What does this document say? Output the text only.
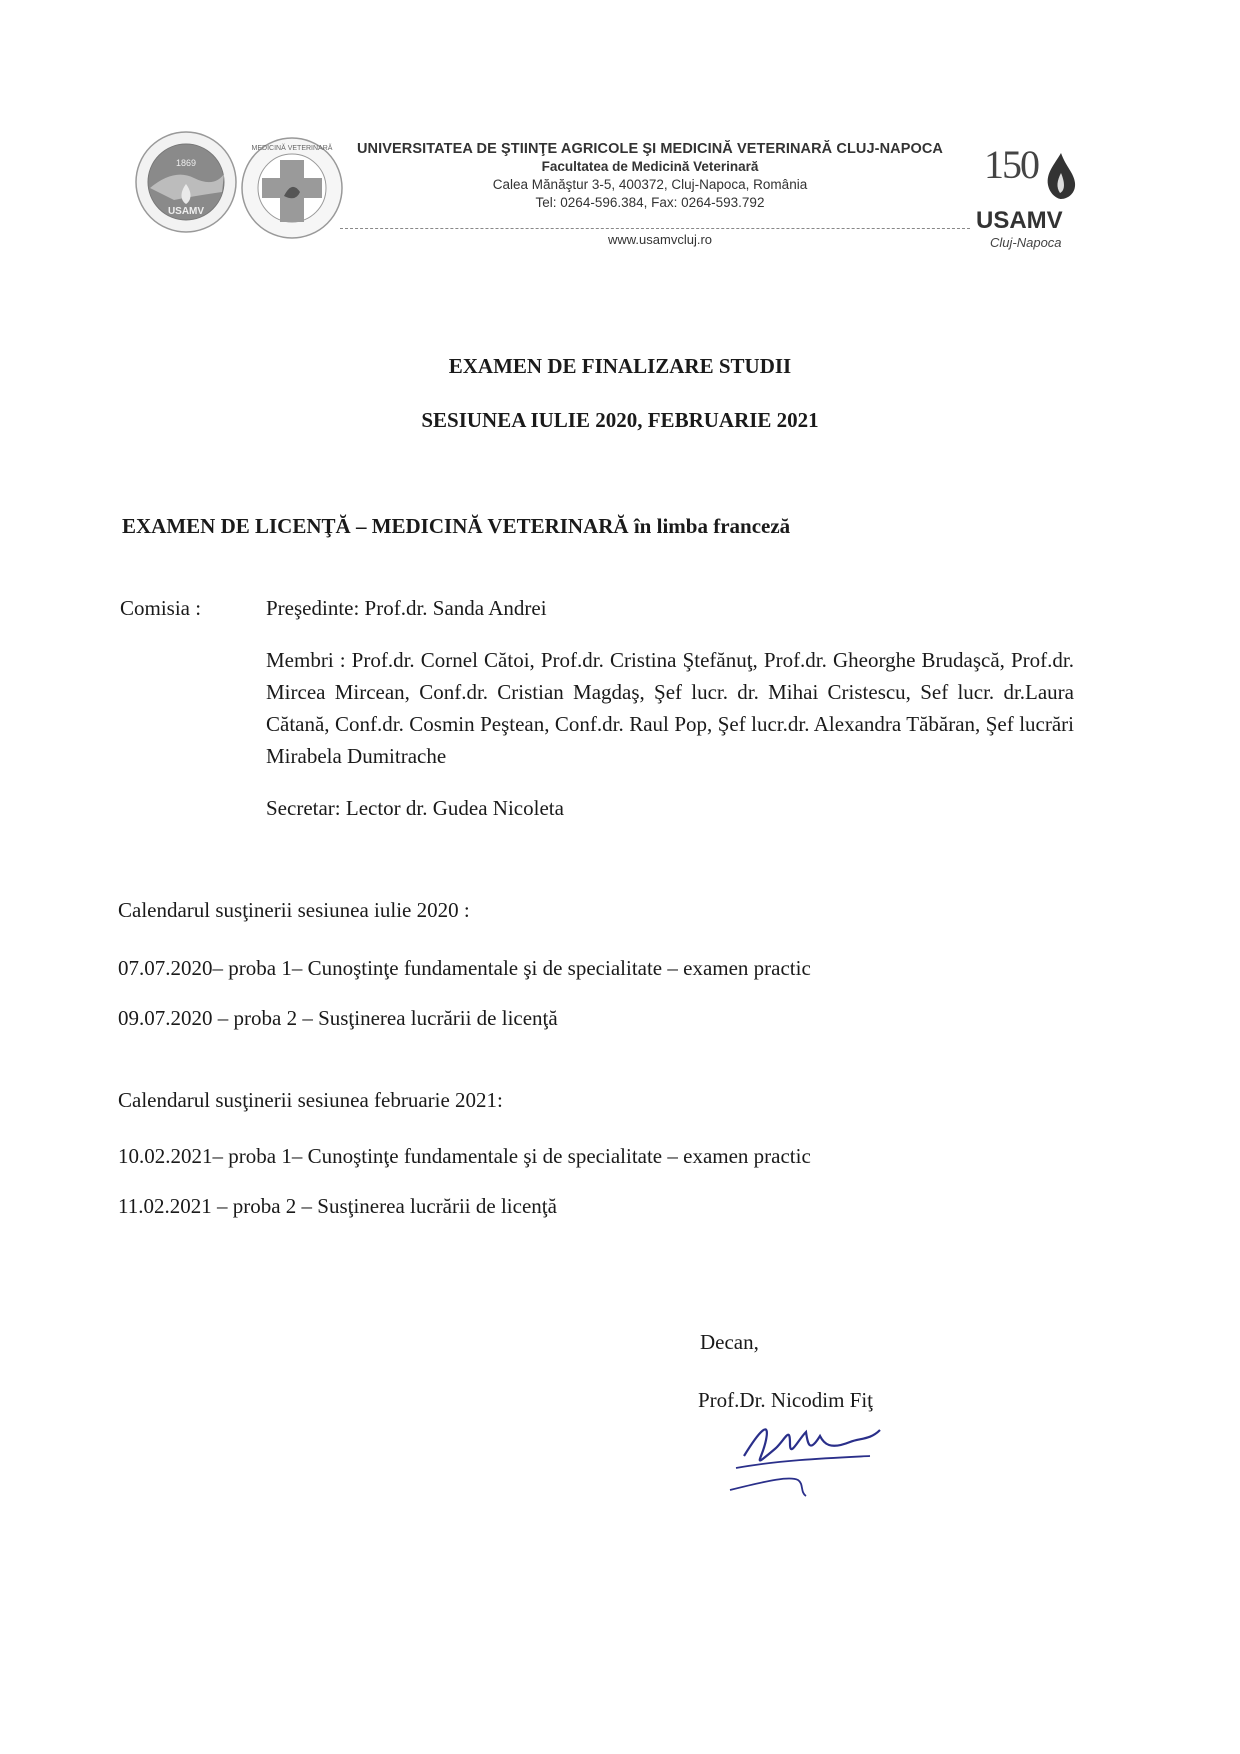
1869
USAMV
MEDICINĂ VETERINARĂ	UNIVERSITATEA DE ŞTIINŢE AGRICOLE ŞI MEDICINĂ VETERINARĂ CLUJ-NAPOCA
Facultatea de Medicină Veterinară
Calea Mănăştur 3-5, 400372, Cluj-Napoca, România
Tel: 0264-596.384, Fax: 0264-593.792
www.usamvcluj.ro
150
USAMV
Cluj-Napoca
EXAMEN DE FINALIZARE STUDII
SESIUNEA IULIE 2020, FEBRUARIE 2021
EXAMEN DE LICENŢĂ – MEDICINĂ VETERINARĂ în limba franceză
Comisia :	Preşedinte: Prof.dr. Sanda Andrei
Membri : Prof.dr. Cornel Cătoi, Prof.dr. Cristina Ştefănuţ, Prof.dr. Gheorghe Brudaşcă, Prof.dr. Mircea Mircean, Conf.dr. Cristian Magdaş, Şef lucr. dr. Mihai Cristescu, Sef lucr. dr.Laura Cătană, Conf.dr. Cosmin Peştean, Conf.dr. Raul Pop, Şef lucr.dr. Alexandra Tăbăran, Şef lucrări Mirabela Dumitrache
Secretar: Lector dr. Gudea Nicoleta
Calendarul susţinerii sesiunea iulie 2020 :
07.07.2020– proba 1– Cunoştinţe fundamentale şi de specialitate – examen practic
09.07.2020 – proba 2 – Susţinerea lucrării de licenţă
Calendarul susţinerii sesiunea februarie 2021:
10.02.2021– proba 1– Cunoştinţe fundamentale şi de specialitate – examen practic
11.02.2021 – proba 2 – Susţinerea lucrării de licenţă
Decan,
Prof.Dr. Nicodim Fiţ
